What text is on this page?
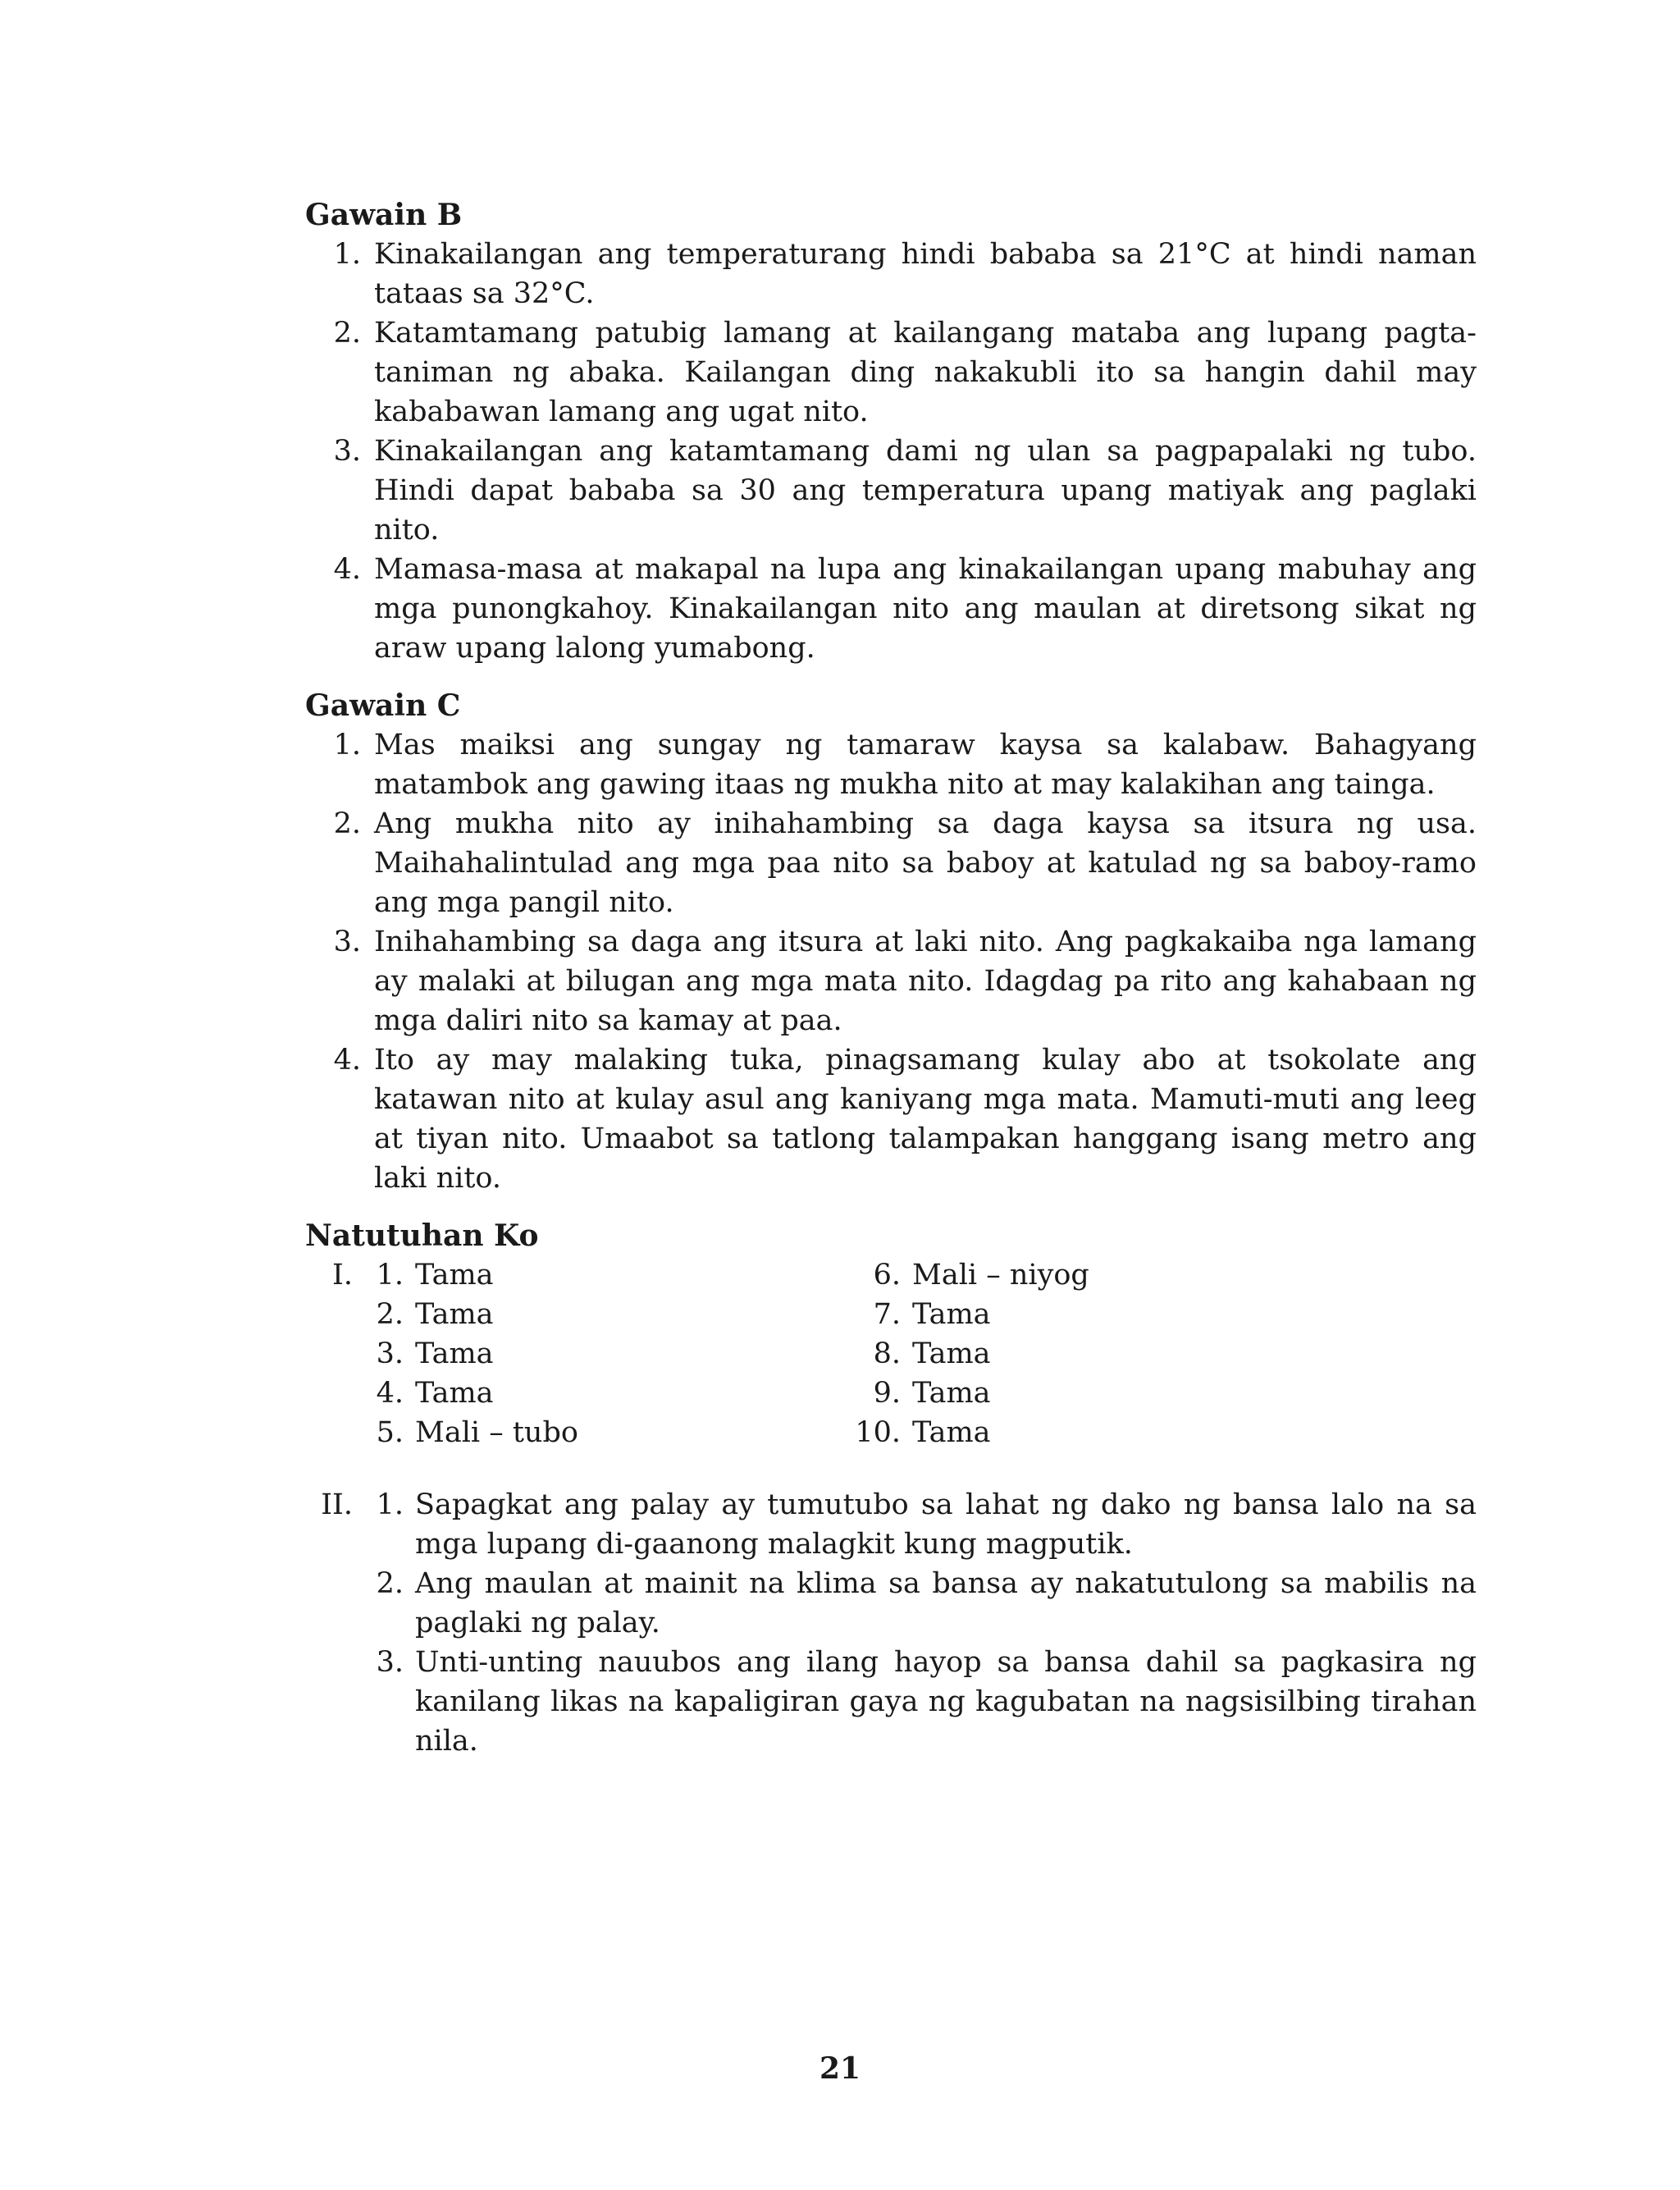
Gawain B
1. Kinakailangan ang temperaturang hindi bababa sa 21°C at hindi naman tataas sa 32°C.
2. Katamtamang patubig lamang at kailangang mataba ang lupang pagta-taniman ng abaka. Kailangan ding nakakubli ito sa hangin dahil may kababawan lamang ang ugat nito.
3. Kinakailangan ang katamtamang dami ng ulan sa pagpapalaki ng tubo. Hindi dapat bababa sa 30 ang temperatura upang matiyak ang paglaki nito.
4. Mamasa-masa at makapal na lupa ang kinakailangan upang mabuhay ang mga punongkahoy. Kinakailangan nito ang maulan at diretsong sikat ng araw upang lalong yumabong.
Gawain C
1. Mas maiksi ang sungay ng tamaraw kaysa sa kalabaw. Bahagyang matambok ang gawing itaas ng mukha nito at may kalakihan ang tainga.
2. Ang mukha nito ay inihahambing sa daga kaysa sa itsura ng usa. Maihahalintulad ang mga paa nito sa baboy at katulad ng sa baboy-ramo ang mga pangil nito.
3. Inihahambing sa daga ang itsura at laki nito. Ang pagkakaiba nga lamang ay malaki at bilugan ang mga mata nito. Idagdag pa rito ang kahabaan ng mga daliri nito sa kamay at paa.
4. Ito ay may malaking tuka, pinagsamang kulay abo at tsokolate ang katawan nito at kulay asul ang kaniyang mga mata. Mamuti-muti ang leeg at tiyan nito. Umaabot sa tatlong talampakan hanggang isang metro ang laki nito.
Natutuhan Ko
I. 1. Tama
2. Tama
3. Tama
4. Tama
5. Mali – tubo
6. Mali – niyog
7. Tama
8. Tama
9. Tama
10. Tama
II. 1. Sapagkat ang palay ay tumutubo sa lahat ng dako ng bansa lalo na sa mga lupang di-gaanong malagkit kung magputik.
2. Ang maulan at mainit na klima sa bansa ay nakatutulong sa mabilis na paglaki ng palay.
3. Unti-unting nauubos ang ilang hayop sa bansa dahil sa pagkasira ng kanilang likas na kapaligiran gaya ng kagubatan na nagsisilbing tirahan nila.
21
